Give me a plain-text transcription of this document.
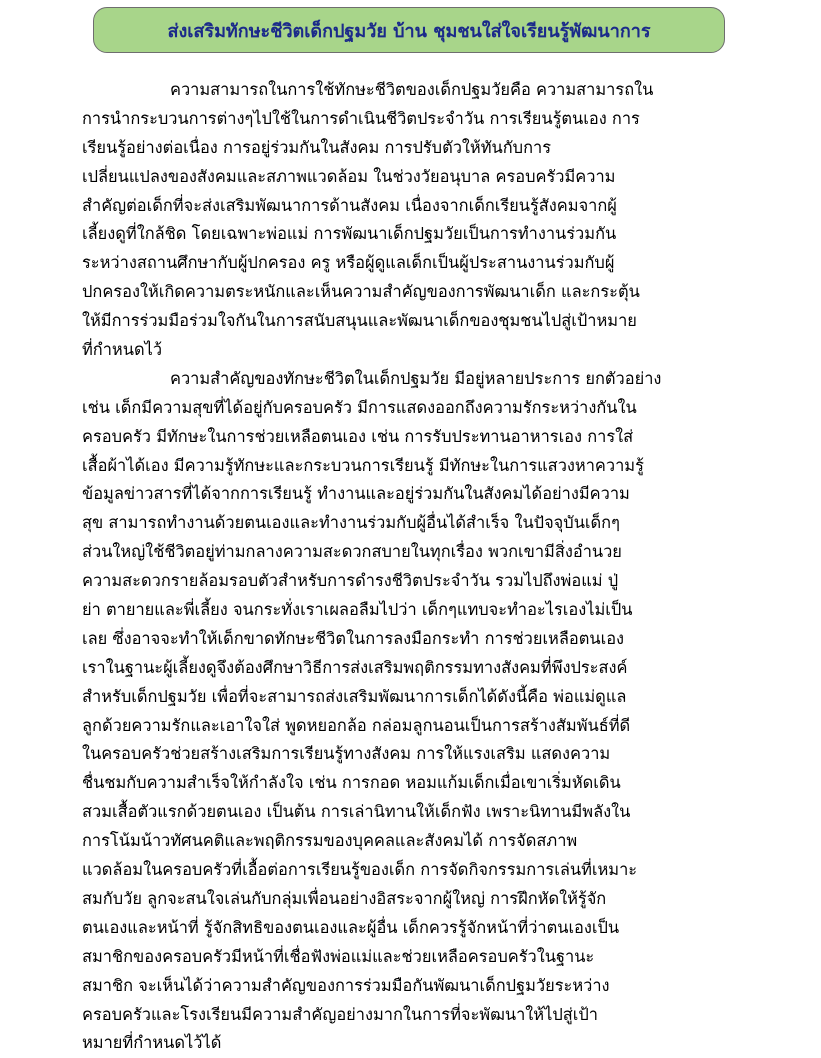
ส่งเสริมทักษะชีวิตเด็กปฐมวัย บ้าน ชุมชนใส่ใจเรียนรู้พัฒนาการ
ความสามารถในการใช้ทักษะชีวิตของเด็กปฐมวัยคือ ความสามารถใน
การนำกระบวนการต่างๆไปใช้ในการดำเนินชีวิตประจำวัน การเรียนรู้ตนเอง การ
เรียนรู้อย่างต่อเนื่อง การอยู่ร่วมกันในสังคม การปรับตัวให้ทันกับการ
เปลี่ยนแปลงของสังคมและสภาพแวดล้อม ในช่วงวัยอนุบาล ครอบครัวมีความ
สำคัญต่อเด็กที่จะส่งเสริมพัฒนาการด้านสังคม เนื่องจากเด็กเรียนรู้สังคมจากผู้
เลี้ยงดูที่ใกล้ชิด โดยเฉพาะพ่อแม่ การพัฒนาเด็กปฐมวัยเป็นการทำงานร่วมกัน
ระหว่างสถานศึกษากับผู้ปกครอง ครู หรือผู้ดูแลเด็กเป็นผู้ประสานงานร่วมกับผู้
ปกครองให้เกิดความตระหนักและเห็นความสำคัญของการพัฒนาเด็ก และกระตุ้น
ให้มีการร่วมมือร่วมใจกันในการสนับสนุนและพัฒนาเด็กของชุมชนไปสู่เป้าหมาย
ที่กำหนดไว้
ความสำคัญของทักษะชีวิตในเด็กปฐมวัย มีอยู่หลายประการ ยกตัวอย่าง
เช่น เด็กมีความสุขที่ได้อยู่กับครอบครัว มีการแสดงออกถึงความรักระหว่างกันใน
ครอบครัว มีทักษะในการช่วยเหลือตนเอง เช่น การรับประทานอาหารเอง การใส่
เสื้อผ้าได้เอง มีความรู้ทักษะและกระบวนการเรียนรู้ มีทักษะในการแสวงหาความรู้
ข้อมูลข่าวสารที่ได้จากการเรียนรู้ ทำงานและอยู่ร่วมกันในสังคมได้อย่างมีความ
สุข สามารถทำงานด้วยตนเองและทำงานร่วมกับผู้อื่นได้สำเร็จ ในปัจจุบันเด็กๆ
ส่วนใหญ่ใช้ชีวิตอยู่ท่ามกลางความสะดวกสบายในทุกเรื่อง พวกเขามีสิ่งอำนวย
ความสะดวกรายล้อมรอบตัวสำหรับการดำรงชีวิตประจำวัน รวมไปถึงพ่อแม่ ปู่
ย่า ตายายและพี่เลี้ยง จนกระทั่งเราเผลอลืมไปว่า เด็กๆแทบจะทำอะไรเองไม่เป็น
เลย ซึ่งอาจจะทำให้เด็กขาดทักษะชีวิตในการลงมือกระทำ การช่วยเหลือตนเอง
เราในฐานะผู้เลี้ยงดูจึงต้องศึกษาวิธีการส่งเสริมพฤติกรรมทางสังคมที่พึงประสงค์
สำหรับเด็กปฐมวัย เพื่อที่จะสามารถส่งเสริมพัฒนาการเด็กได้ดังนี้คือ พ่อแม่ดูแล
ลูกด้วยความรักและเอาใจใส่ พูดหยอกล้อ กล่อมลูกนอนเป็นการสร้างสัมพันธ์ที่ดี
ในครอบครัวช่วยสร้างเสริมการเรียนรู้ทางสังคม การให้แรงเสริม แสดงความ
ชื่นชมกับความสำเร็จให้กำลังใจ เช่น การกอด หอมแก้มเด็กเมื่อเขาเริ่มหัดเดิน
สวมเสื้อตัวแรกด้วยตนเอง เป็นต้น การเล่านิทานให้เด็กฟัง เพราะนิทานมีพลังใน
การโน้มน้าวทัศนคติและพฤติกรรมของบุคคลและสังคมได้ การจัดสภาพ
แวดล้อมในครอบครัวที่เอื้อต่อการเรียนรู้ของเด็ก การจัดกิจกรรมการเล่นที่เหมาะ
สมกับวัย ลูกจะสนใจเล่นกับกลุ่มเพื่อนอย่างอิสระจากผู้ใหญ่ การฝึกหัดให้รู้จัก
ตนเองและหน้าที่ รู้จักสิทธิของตนเองและผู้อื่น เด็กควรรู้จักหน้าที่ว่าตนเองเป็น
สมาชิกของครอบครัวมีหน้าที่เชื่อฟังพ่อแม่และช่วยเหลือครอบครัวในฐานะ
สมาชิก จะเห็นได้ว่าความสำคัญของการร่วมมือกันพัฒนาเด็กปฐมวัยระหว่าง
ครอบครัวและโรงเรียนมีความสำคัญอย่างมากในการที่จะพัฒนาให้ไปสู่เป้า
หมายที่กำหนดไว้ได้
